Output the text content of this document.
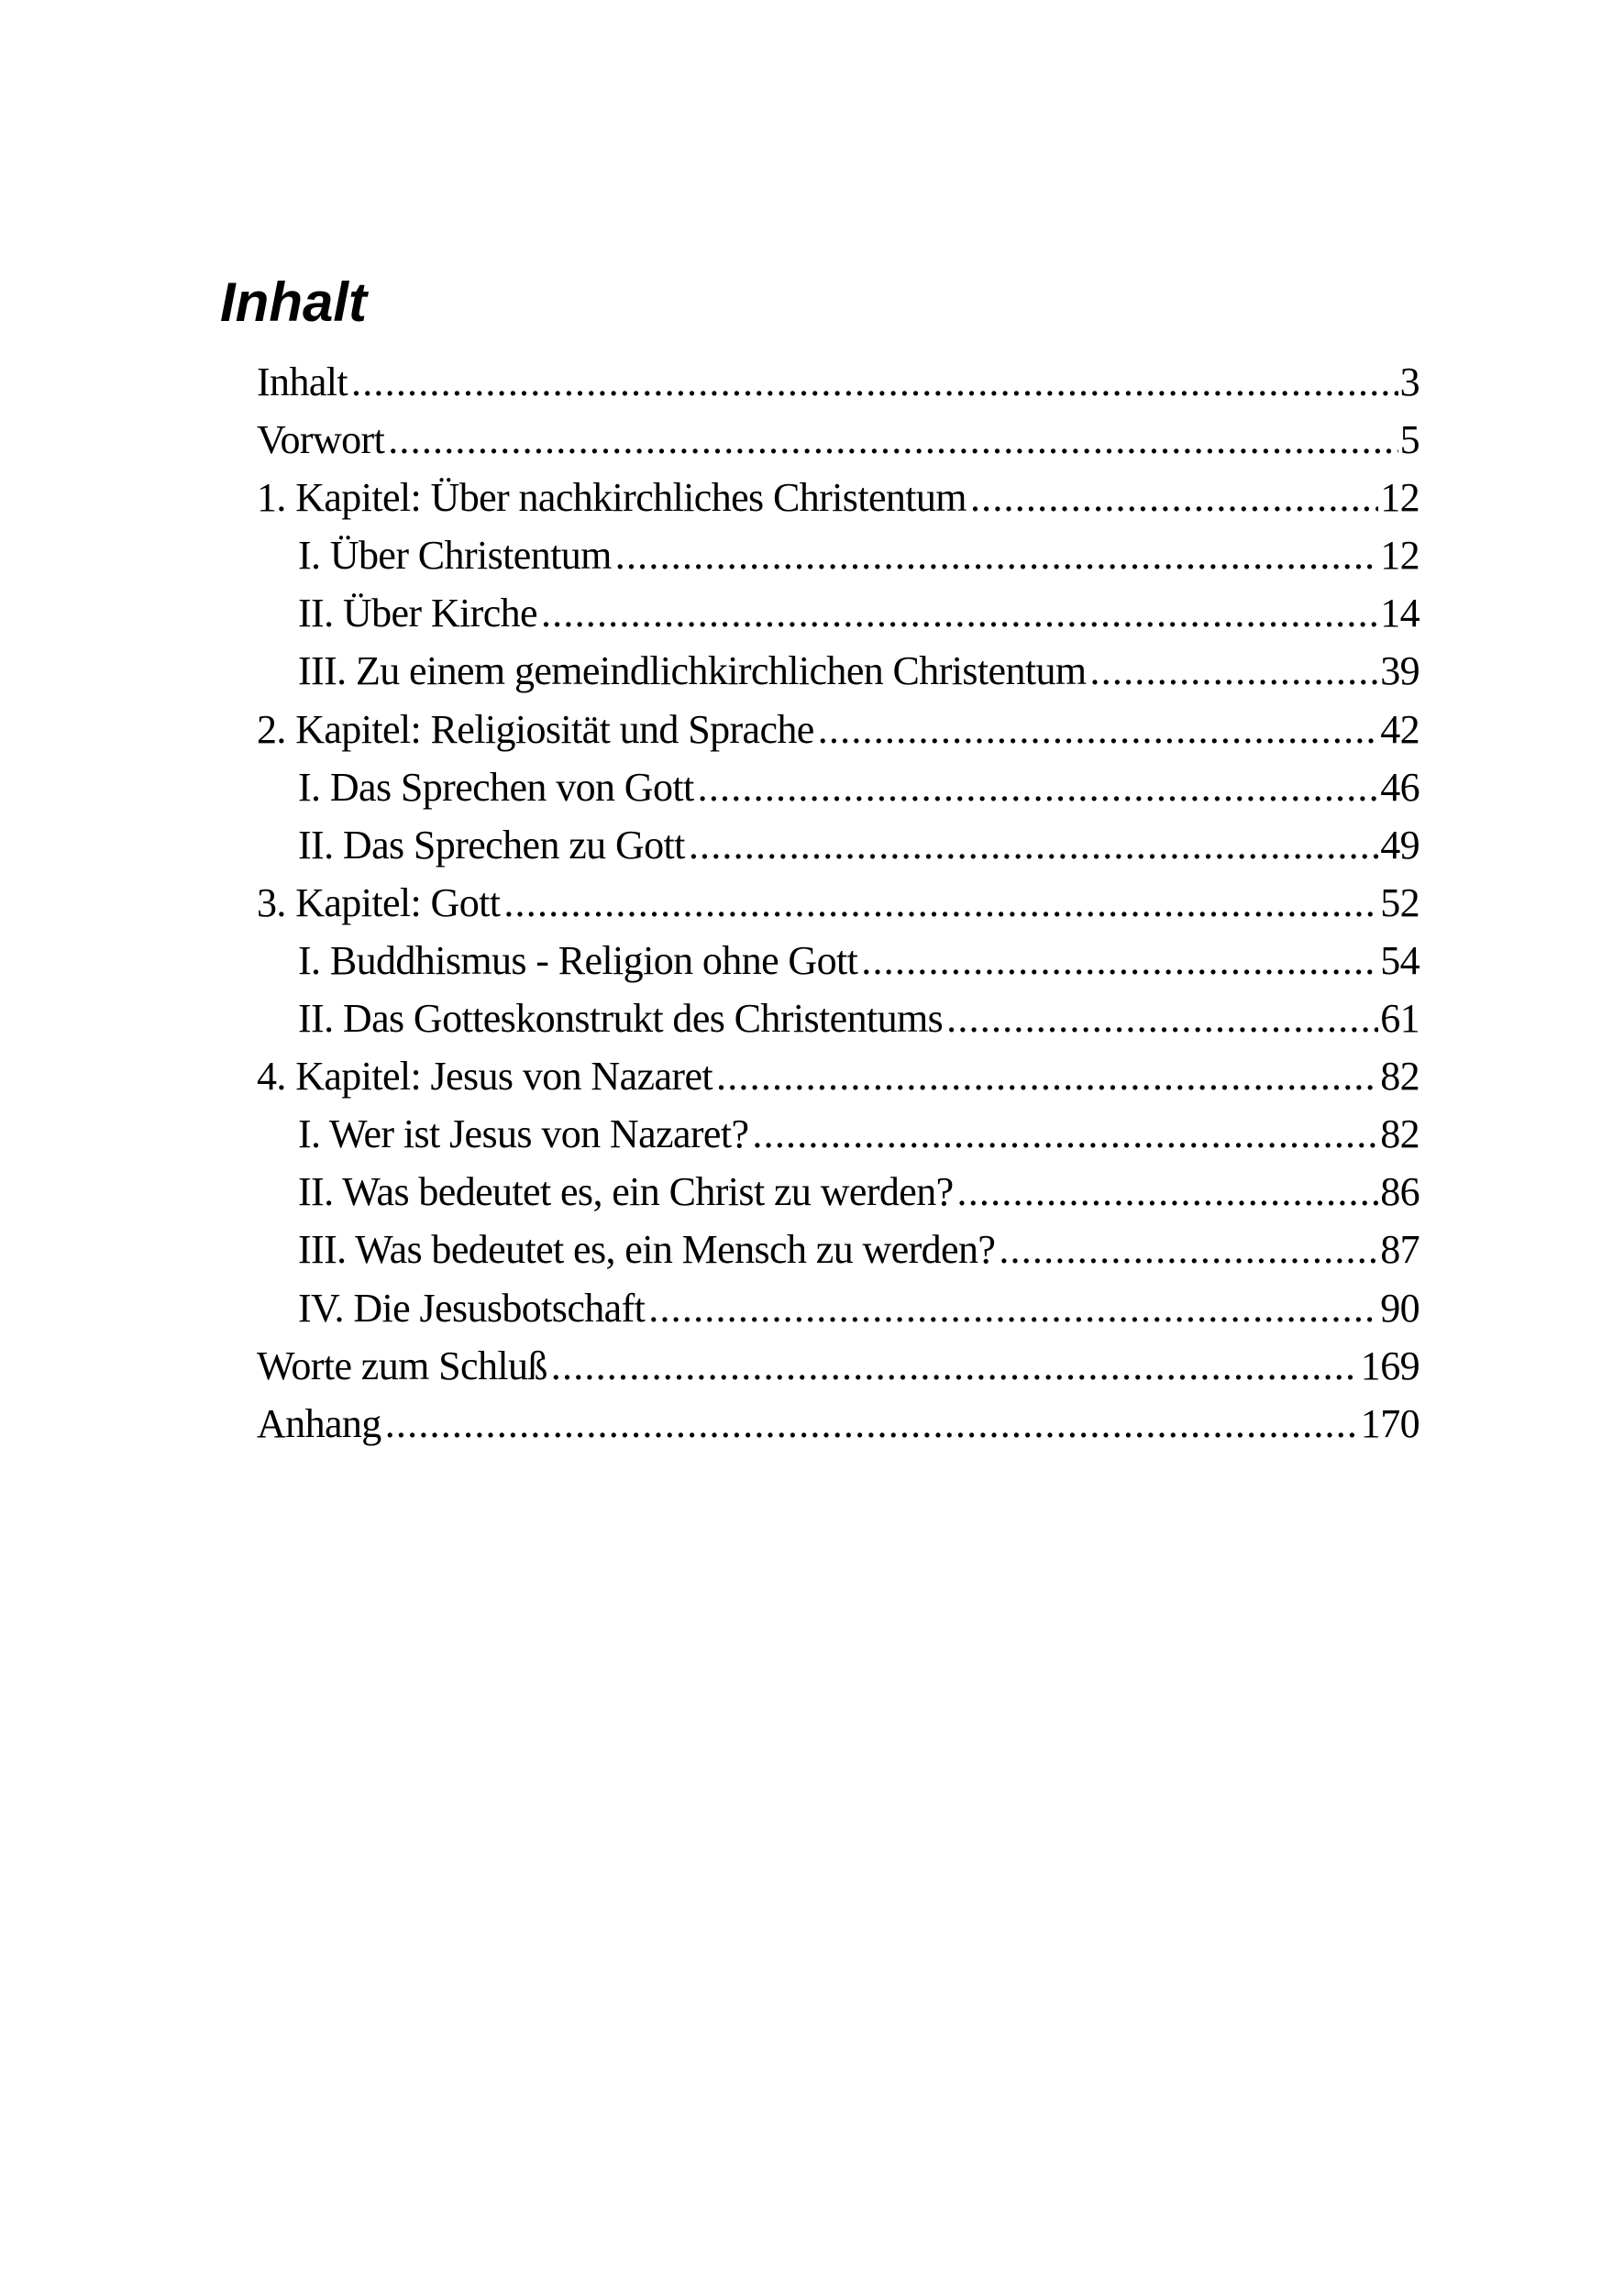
Inhalt
Inhalt .....	3
Vorwort .....	5
1. Kapitel: Über nachkirchliches Christentum .....	12
I. Über Christentum .....	12
II. Über Kirche .....	14
III. Zu einem gemeindlichkirchlichen Christentum .....	39
2. Kapitel: Religiosität und Sprache .....	42
I. Das Sprechen von Gott .....	46
II. Das Sprechen zu Gott .....	49
3. Kapitel: Gott .....	52
I. Buddhismus - Religion ohne Gott .....	54
II. Das Gotteskonstrukt des Christentums .....	61
4. Kapitel: Jesus von Nazaret .....	82
I. Wer ist Jesus von Nazaret? .....	82
II. Was bedeutet es, ein Christ zu werden? .....	86
III. Was bedeutet es, ein Mensch zu werden? .....	87
IV. Die Jesusbotschaft .....	90
Worte zum Schluß .....	169
Anhang .....	170
